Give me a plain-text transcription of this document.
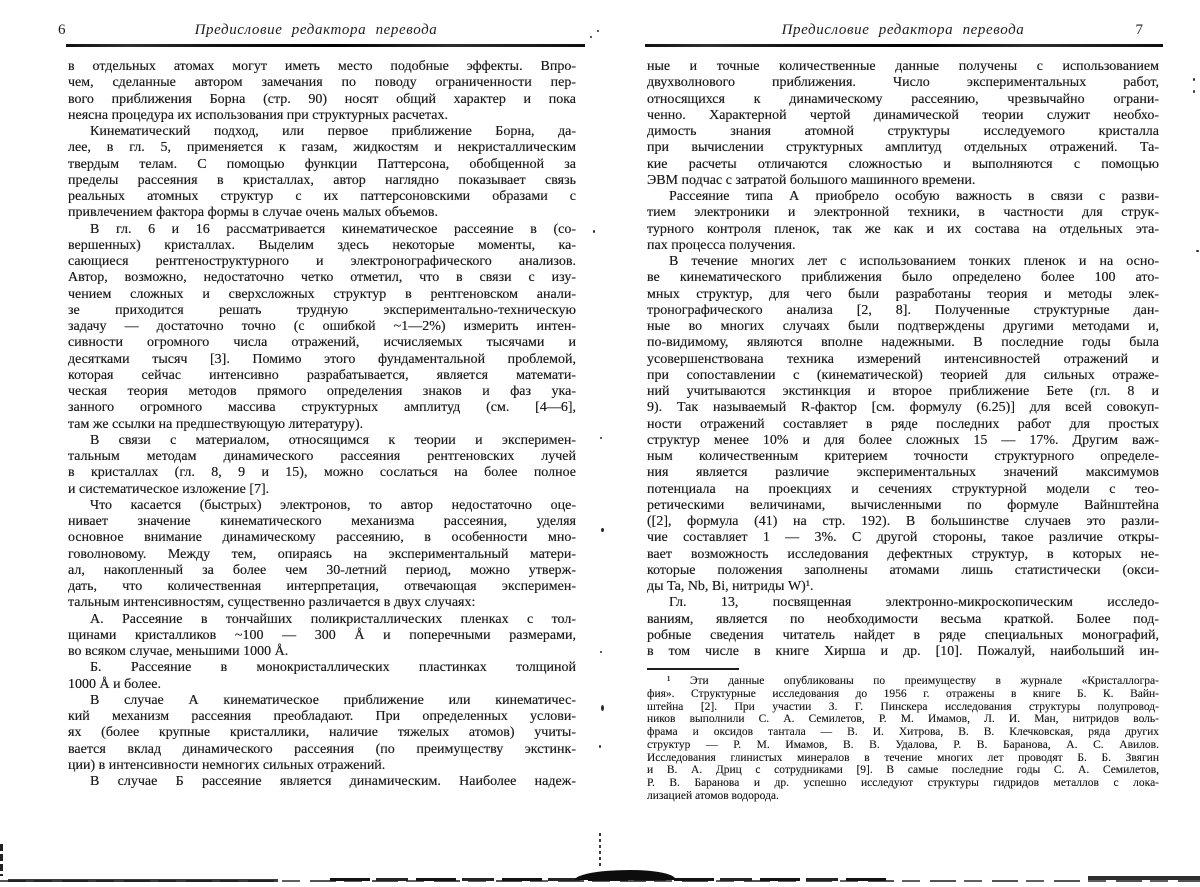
6	Предисловие редактора перевода
в отдельных атомах могут иметь место подобные эффекты. Впро-
чем, сделанные автором замечания по поводу ограниченности пер-
вого приближения Борна (стр. 90) носят общий характер и пока
неясна процедура их использования при структурных расчетах.
Кинематический подход, или первое приближение Борна, да-
лее, в гл. 5, применяется к газам, жидкостям и некристаллическим
твердым телам. С помощью функции Паттерсона, обобщенной за
пределы рассеяния в кристаллах, автор наглядно показывает связь
реальных атомных структур с их паттерсоновскими образами с
привлечением фактора формы в случае очень малых объемов.
В гл. 6 и 16 рассматривается кинематическое рассеяние в (со-
вершенных) кристаллах. Выделим здесь некоторые моменты, ка-
сающиеся рентгеноструктурного и электронографического анализов.
Автор, возможно, недостаточно четко отметил, что в связи с изу-
чением сложных и сверхсложных структур в рентгеновском анали-
зе приходится решать трудную экспериментально-техническую
задачу — достаточно точно (с ошибкой ~1—2%) измерить интен-
сивности огромного числа отражений, исчисляемых тысячами и
десятками тысяч [3]. Помимо этого фундаментальной проблемой,
которая сейчас интенсивно разрабатывается, является математи-
ческая теория методов прямого определения знаков и фаз ука-
занного огромного массива структурных амплитуд (см. [4—6],
там же ссылки на предшествующую литературу).
В связи с материалом, относящимся к теории и эксперимен-
тальным методам динамического рассеяния рентгеновских лучей
в кристаллах (гл. 8, 9 и 15), можно сослаться на более полное
и систематическое изложение [7].
Что касается (быстрых) электронов, то автор недостаточно оце-
нивает значение кинематического механизма рассеяния, уделяя
основное внимание динамическому рассеянию, в особенности мно-
говолновому. Между тем, опираясь на экспериментальный матери-
ал, накопленный за более чем 30-летний период, можно утверж-
дать, что количественная интерпретация, отвечающая эксперимен-
тальным интенсивностям, существенно различается в двух случаях:
А. Рассеяние в тончайших поликристаллических пленках с тол-
щинами кристалликов ~100 — 300 Å и поперечными размерами,
во всяком случае, меньшими 1000 Å.
Б. Рассеяние в монокристаллических пластинках толщиной
1000 Å и более.
В случае А кинематическое приближение или кинематичес-
кий механизм рассеяния преобладают. При определенных услови-
ях (более крупные кристаллики, наличие тяжелых атомов) учиты-
вается вклад динамического рассеяния (по преимуществу экстинк-
ции) в интенсивности немногих сильных отражений.
В случае Б рассеяние является динамическим. Наиболее надеж-
Предисловие редактора перевода	7
ные и точные количественные данные получены с использованием
двухволнового приближения. Число экспериментальных работ,
относящихся к динамическому рассеянию, чрезвычайно ограни-
ченно. Характерной чертой динамической теории служит необхо-
димость знания атомной структуры исследуемого кристалла
при вычислении структурных амплитуд отдельных отражений. Та-
кие расчеты отличаются сложностью и выполняются с помощью
ЭВМ подчас с затратой большого машинного времени.
Рассеяние типа А приобрело особую важность в связи с разви-
тием электроники и электронной техники, в частности для струк-
турного контроля пленок, так же как и их состава на отдельных эта-
пах процесса получения.
В течение многих лет с использованием тонких пленок и на осно-
ве кинематического приближения было определено более 100 ато-
мных структур, для чего были разработаны теория и методы элек-
тронографического анализа [2, 8]. Полученные структурные дан-
ные во многих случаях были подтверждены другими методами и,
по-видимому, являются вполне надежными. В последние годы была
усовершенствована техника измерений интенсивностей отражений и
при сопоставлении с (кинематической) теорией для сильных отраже-
ний учитываются экстинкция и второе приближение Бете (гл. 8 и
9). Так называемый R-фактор [см. формулу (6.25)] для всей совокуп-
ности отражений составляет в ряде последних работ для простых
структур менее 10% и для более сложных 15 — 17%. Другим важ-
ным количественным критерием точности структурного определе-
ния является различие экспериментальных значений максимумов
потенциала на проекциях и сечениях структурной модели с тео-
ретическими величинами, вычисленными по формуле Вайнштейна
([2], формула (41) на стр. 192). В большинстве случаев это разли-
чие составляет 1 — 3%. С другой стороны, такое различие откры-
вает возможность исследования дефектных структур, в которых не-
которые положения заполнены атомами лишь статистически (окси-
ды Ta, Nb, Bi, нитриды W)¹.
Гл. 13, посвященная электронно-микроскопическим исследо-
ваниям, является по необходимости весьма краткой. Более под-
робные сведения читатель найдет в ряде специальных монографий,
в том числе в книге Хирша и др. [10]. Пожалуй, наибольший ин-
¹ Эти данные опубликованы по преимуществу в журнале «Кристаллогра-
фия». Структурные исследования до 1956 г. отражены в книге Б. К. Вайн-
штейна [2]. При участии З. Г. Пинскера исследования структуры полупровод-
ников выполнили С. А. Семилетов, Р. М. Имамов, Л. И. Ман, нитридов воль-
фрама и оксидов тантала — В. И. Хитрова, В. В. Клечковская, ряда других
структур — Р. М. Имамов, В. В. Удалова, Р. В. Баранова, А. С. Авилов.
Исследования глинистых минералов в течение многих лет проводят Б. Б. Звягин
и В. А. Дриц с сотрудниками [9]. В самые последние годы С. А. Семилетов,
Р. В. Баранова и др. успешно исследуют структуры гидридов металлов с лока-
лизацией атомов водорода.
